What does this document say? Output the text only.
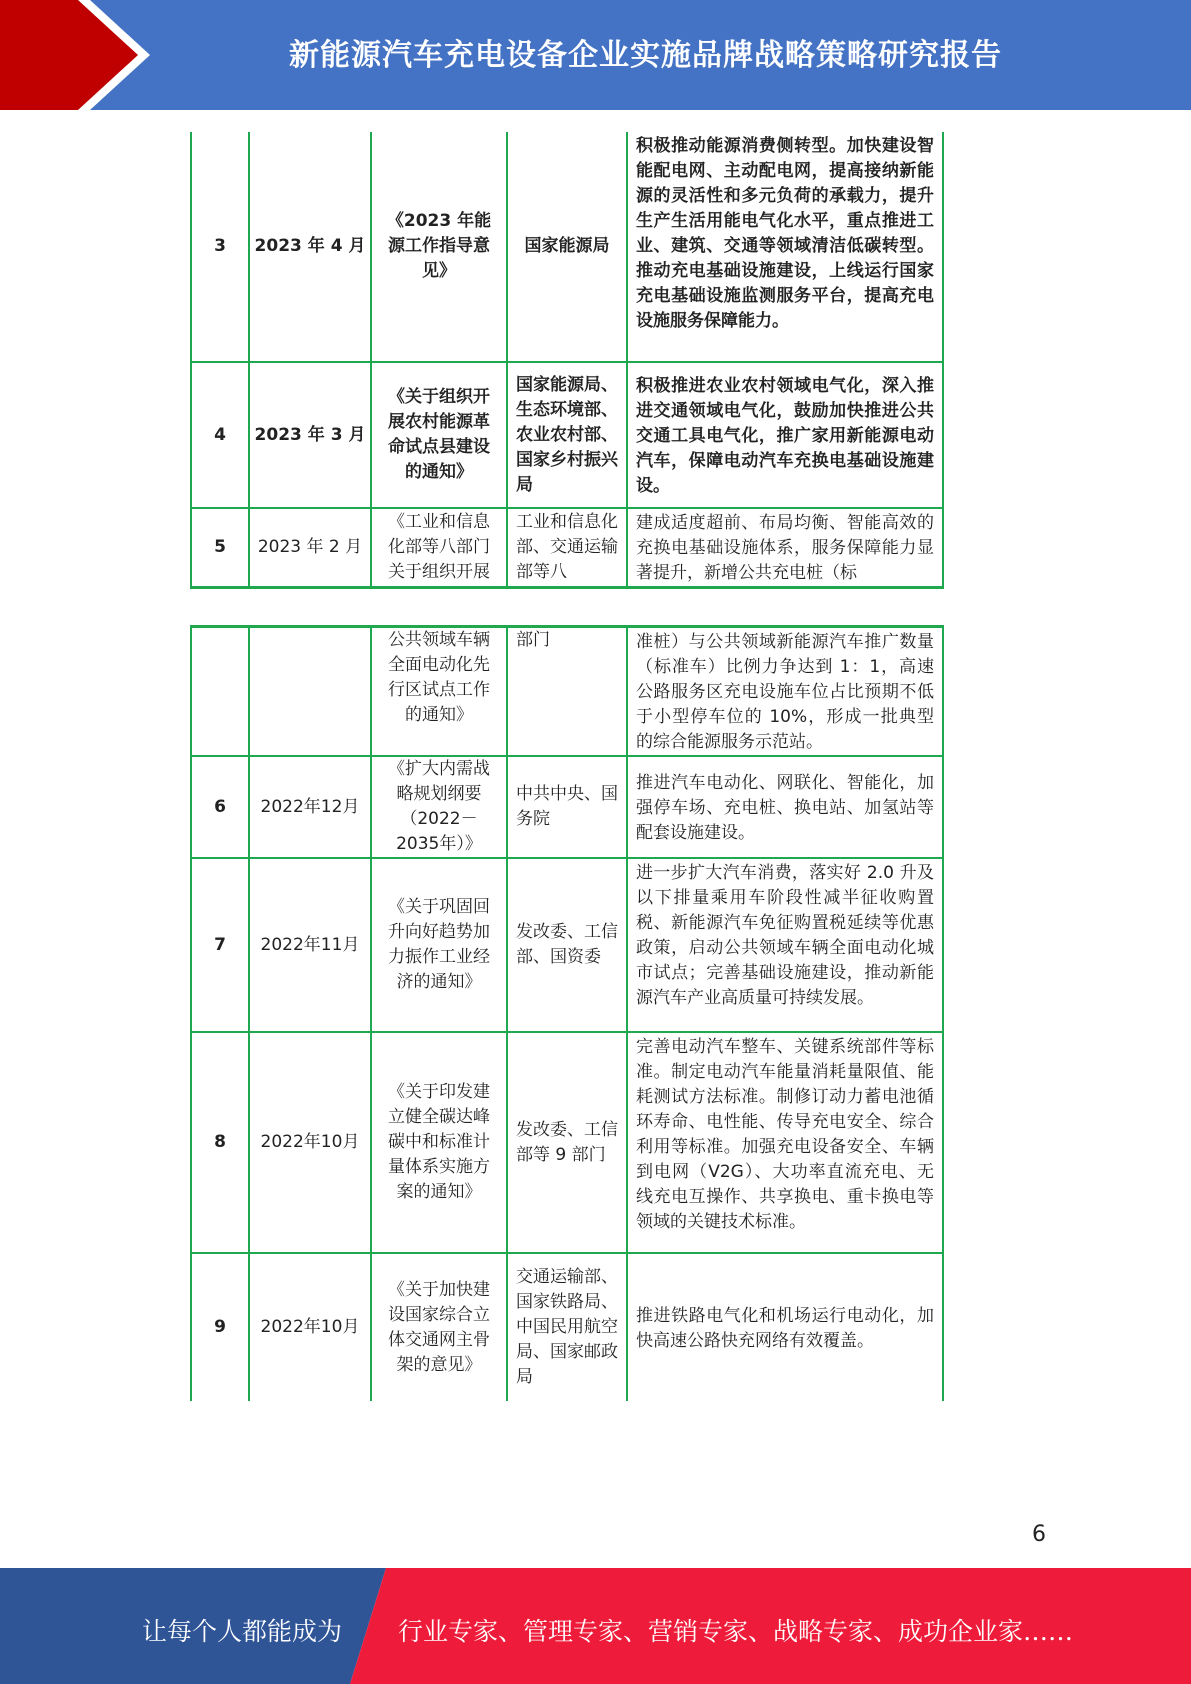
新能源汽车充电设备企业实施品牌战略策略研究报告
3	2023 年 4 月	《2023 年能源工作指导意见》	国家能源局	积极推动能源消费侧转型。加快建设智能配电网、主动配电网，提高接纳新能源的灵活性和多元负荷的承载力，提升生产生活用能电气化水平，重点推进工业、建筑、交通等领域清洁低碳转型。推动充电基础设施建设，上线运行国家充电基础设施监测服务平台，提高充电设施服务保障能力。
4	2023 年 3 月	《关于组织开展农村能源革命试点县建设的通知》	国家能源局、生态环境部、农业农村部、国家乡村振兴局	积极推进农业农村领域电气化，深入推进交通领域电气化，鼓励加快推进公共交通工具电气化，推广家用新能源电动汽车，保障电动汽车充换电基础设施建设。
5	2023 年 2 月	《工业和信息化部等八部门关于组织开展	工业和信息化部、交通运输部等八	建成适度超前、布局均衡、智能高效的充换电基础设施体系，服务保障能力显著提升，新增公共充电桩（标
		公共领域车辆全面电动化先行区试点工作的通知》	部门	准桩）与公共领域新能源汽车推广数量（标准车）比例力争达到 1：1，高速公路服务区充电设施车位占比预期不低于小型停车位的 10%，形成一批典型的综合能源服务示范站。
6	2022年12月	《扩大内需战略规划纲要（2022－2035年）》	中共中央、国务院	推进汽车电动化、网联化、智能化，加强停车场、充电桩、换电站、加氢站等配套设施建设。
7	2022年11月	《关于巩固回升向好趋势加力振作工业经济的通知》	发改委、工信部、国资委	进一步扩大汽车消费，落实好 2.0 升及以下排量乘用车阶段性减半征收购置税、新能源汽车免征购置税延续等优惠政策，启动公共领域车辆全面电动化城市试点；完善基础设施建设，推动新能源汽车产业高质量可持续发展。
8	2022年10月	《关于印发建立健全碳达峰碳中和标准计量体系实施方案的通知》	发改委、工信部等 9 部门	完善电动汽车整车、关键系统部件等标准。制定电动汽车能量消耗量限值、能耗测试方法标准。制修订动力蓄电池循环寿命、电性能、传导充电安全、综合利用等标准。加强充电设备安全、车辆到电网（V2G）、大功率直流充电、无线充电互操作、共享换电、重卡换电等领域的关键技术标准。
9	2022年10月	《关于加快建设国家综合立体交通网主骨架的意见》	交通运输部、国家铁路局、中国民用航空局、国家邮政局	推进铁路电气化和机场运行电动化，加快高速公路快充网络有效覆盖。
6
让每个人都能成为 行业专家、管理专家、营销专家、战略专家、成功企业家……
